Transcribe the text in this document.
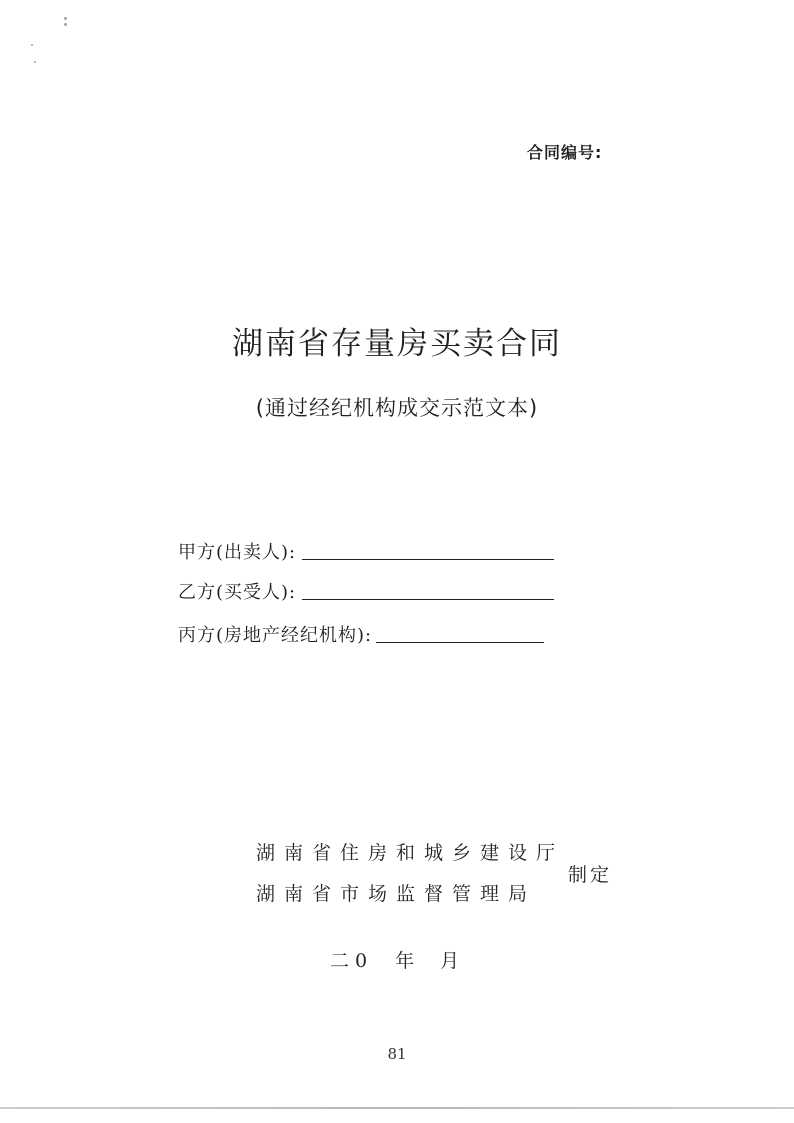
合同编号:
湖南省存量房买卖合同
(通过经纪机构成交示范文本)
甲方(出卖人):
乙方(买受人):
丙方(房地产经纪机构):
湖南省住房和城乡建设厅
湖南省市场监督管理局
制定
二0 年 月
81
